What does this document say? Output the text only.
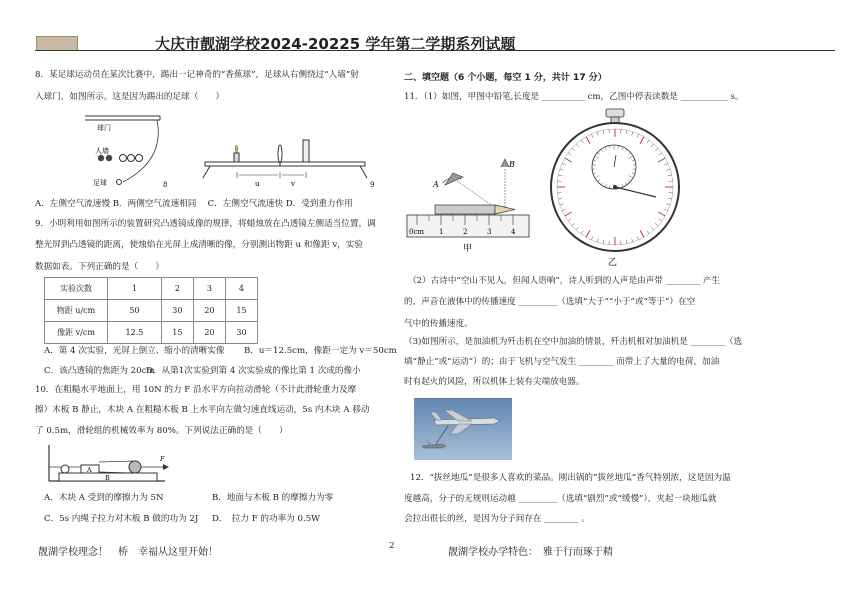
大庆市靓湖学校2024-20225 学年第二学期系列试题
8．某足球运动员在某次比赛中，踢出一记神奇的“香蕉球”，足球从右侧绕过“人墙”射
入球门，如图所示。这是因为踢出的足球（　　）
球门
人墙
足球	8	u	v	9
A．左侧空气流速慢 B．两侧空气流速相同　 C．左侧空气流速快 D．受到重力作用
9．小明利用如图所示的装置研究凸透镜成像的规律，将蜡烛放在凸透镜左侧适当位置，调
整光屏到凸透镜的距离，使烛焰在光屏上成清晰的像，分别测出物距 u 和像距 v，实验
数据如表。下列正确的是（　　）
实验次数	1	2	3	4
物距 u/cm	50	30	20	15
像距 v/cm	12.5	15	20	30
A．第 4 次实验，光屏上倒立、缩小的清晰实像 B．u＝12.5cm，像距一定为 v＝50cm
C．该凸透镜的焦距为 20cm
D．从第1次实验到第 4 次实验成的像比第 1 次成的像小
10．在粗糙水平地面上，用 10N 的力 F 沿水平方向拉动滑轮（不计此滑轮重力及摩
擦）木板 B 静止，木块 A 在粗糙木板 B 上水平向左做匀速直线运动，5s 内木块 A 移动
了 0.5m，滑轮组的机械效率为 80%。下列说法正确的是（　　）
A
B
F
A．木块 A 受到的摩擦力为 5N	B．地面与木板 B 的摩擦力为零
C．5s 内绳子拉力对木板 B 做的功为 2J D．　拉力 F 的功率为 0.5W
二、填空题（6 个小题，每空 1 分，共计 17 分）
11．（1）如图，甲图中铅笔,长度是 __________ cm，乙图中停表读数是 ___________ s。
A
B
0cm 1	2	3	4
甲
乙
（2）古诗中“空山不见人，但闻人语响”，诗人听到的人声是由声带 ________ 产生
的，声音在液体中的传播速度 _________（选填“大于”“小于”或“等于”）在空
气中的传播速度。
（3)如图所示，是加油机为歼击机在空中加油的情景，歼击机相对加油机是 ________（选
填“静止”或“运动”）的；由于飞机与空气发生 ________ 而带上了大量的电荷，加油
时有起火的风险，所以机体上装有尖端放电器。
12．“拔丝地瓜”是很多人喜欢的菜品。刚出锅的“拔丝地瓜”香气特别浓，这是因为温
度越高，分子的无规则运动越 _________（选填“剧烈”或“缓慢”），夹起一块地瓜就
会拉出很长的丝，是因为分子间存在 ________ 。
靓湖学校理念！　桥　幸福从这里开始！
2
靓湖学校办学特色：　雅于行而琢于精
